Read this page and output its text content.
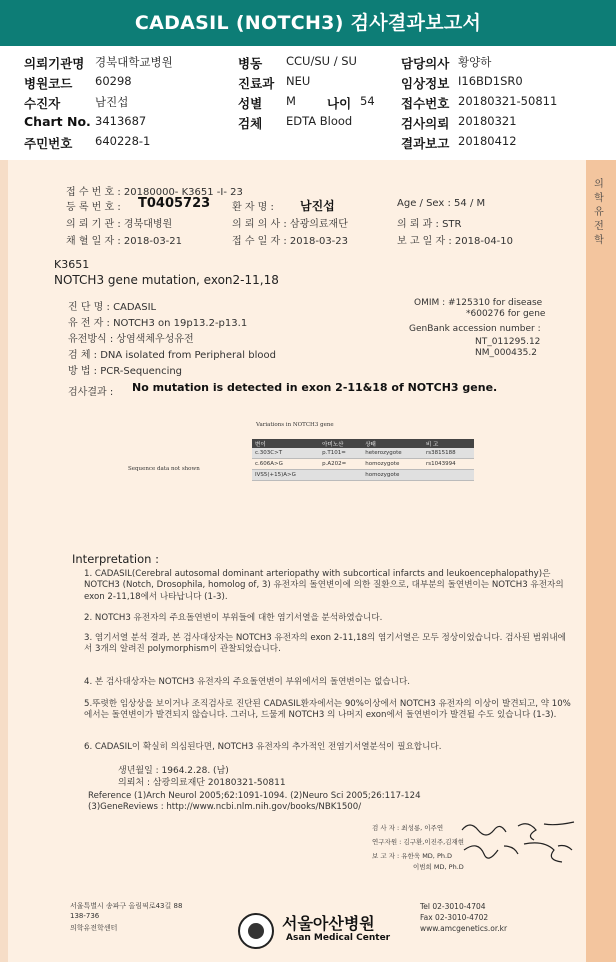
CADASIL (NOTCH3) 검사결과보고서
의뢰기관명 경북대학교병원	병동 CCU/SU / SU	담당의사 황양하
병원코드 60298	진료과 NEU	임상정보 I16BD1SR0
수진자	남진섭	성별 M 나이 54 접수번호 20180321-50811
Chart No. 3413687	검체 EDTA Blood	검사의뢰 20180321
주민번호 640228-1	결과보고 20180412
의학유전학
접 수 번 호 : 20180000- K3651 -I- 23
등 록 번 호 : T0405723 환 자 명 : 남진섭	Age / Sex : 54 / M
의 뢰 기 관 : 경북대병원	의 뢰 의 사 : 삼광의료재단	의 뢰 과 : STR
채 혈 일 자 : 2018-03-21	접 수 일 자 : 2018-03-23	보 고 일 자 : 2018-04-10
K3651
NOTCH3 gene mutation, exon2-11,18
진 단 명 : CADASIL
유 전 자 : NOTCH3 on 19p13.2-p13.1
유전방식 : 상염색체우성유전
검 체 : DNA isolated from Peripheral blood
방 법 : PCR-Sequencing
OMIM : #125310 for disease
*600276 for gene
GenBank accession number :
NT_011295.12
NM_000435.2
검사결과 : No mutation is detected in exon 2-11&18 of NOTCH3 gene.
Variations in NOTCH3 gene
Sequence data not shown
Interpretation :
1. CADASIL(Cerebral autosomal dominant arteriopathy with subcortical infarcts and leukoencephalopathy)은 NOTCH3 (Notch, Drosophila, homolog of, 3) 유전자의 돌연변이에 의한 질환으로, 대부분의 돌연변이는 NOTCH3 유전자의 exon 2-11,18에서 나타납니다 (1-3).
2. NOTCH3 유전자의 주요돌연변이 부위들에 대한 염기서열을 분석하였습니다.
3. 염기서열 분석 결과, 본 검사대상자는 NOTCH3 유전자의 exon 2-11,18의 염기서열은 모두 정상이었습니다. 검사된 범위내에서 3개의 알려진 polymorphism이 관찰되었습니다.
4. 본 검사대상자는 NOTCH3 유전자의 주요돌연변이 부위에서의 돌연변이는 없습니다.
5.뚜렷한 임상상을 보이거나 조직검사로 진단된 CADASIL환자에서는 90%이상에서 NOTCH3 유전자의 이상이 발견되고, 약 10%에서는 돌연변이가 발견되지 않습니다. 그러나, 드물게 NOTCH3 의 나머지 exon에서 돌연변이가 발견될 수도 있습니다 (1-3).
6. CADASIL이 확실히 의심된다면, NOTCH3 유전자의 추가적인 전염기서열분석이 필요합니다.
생년월일 : 1964.2.28. (남)
의뢰처 : 삼광의료재단 20180321-50811
Reference (1)Arch Neurol 2005;62:1091-1094. (2)Neuro Sci 2005;26:117-124 (3)GeneReviews : http://www.ncbi.nlm.nih.gov/books/NBK1500/
검 사 자 : 최성롱, 이주연
연구자원 : 김구환,이진주,김재현
보 고 자 : 유한욱 MD, Ph.D
이범희 MD, Ph.D
서울특별시 송파구 올림픽로43길 88
138-736
의학유전학센터	서울아산병원
Asan Medical Center
Tel 02-3010-4704
Fax 02-3010-4702
www.amcgenetics.or.kr
변이	아미노산	상태	비 고
c.303C>T	p.T101=	heterozygote	rs3815188
c.606A>G	p.A202=	homozygote	rs1043994
IVS5(+15)A>G		homozygote	
